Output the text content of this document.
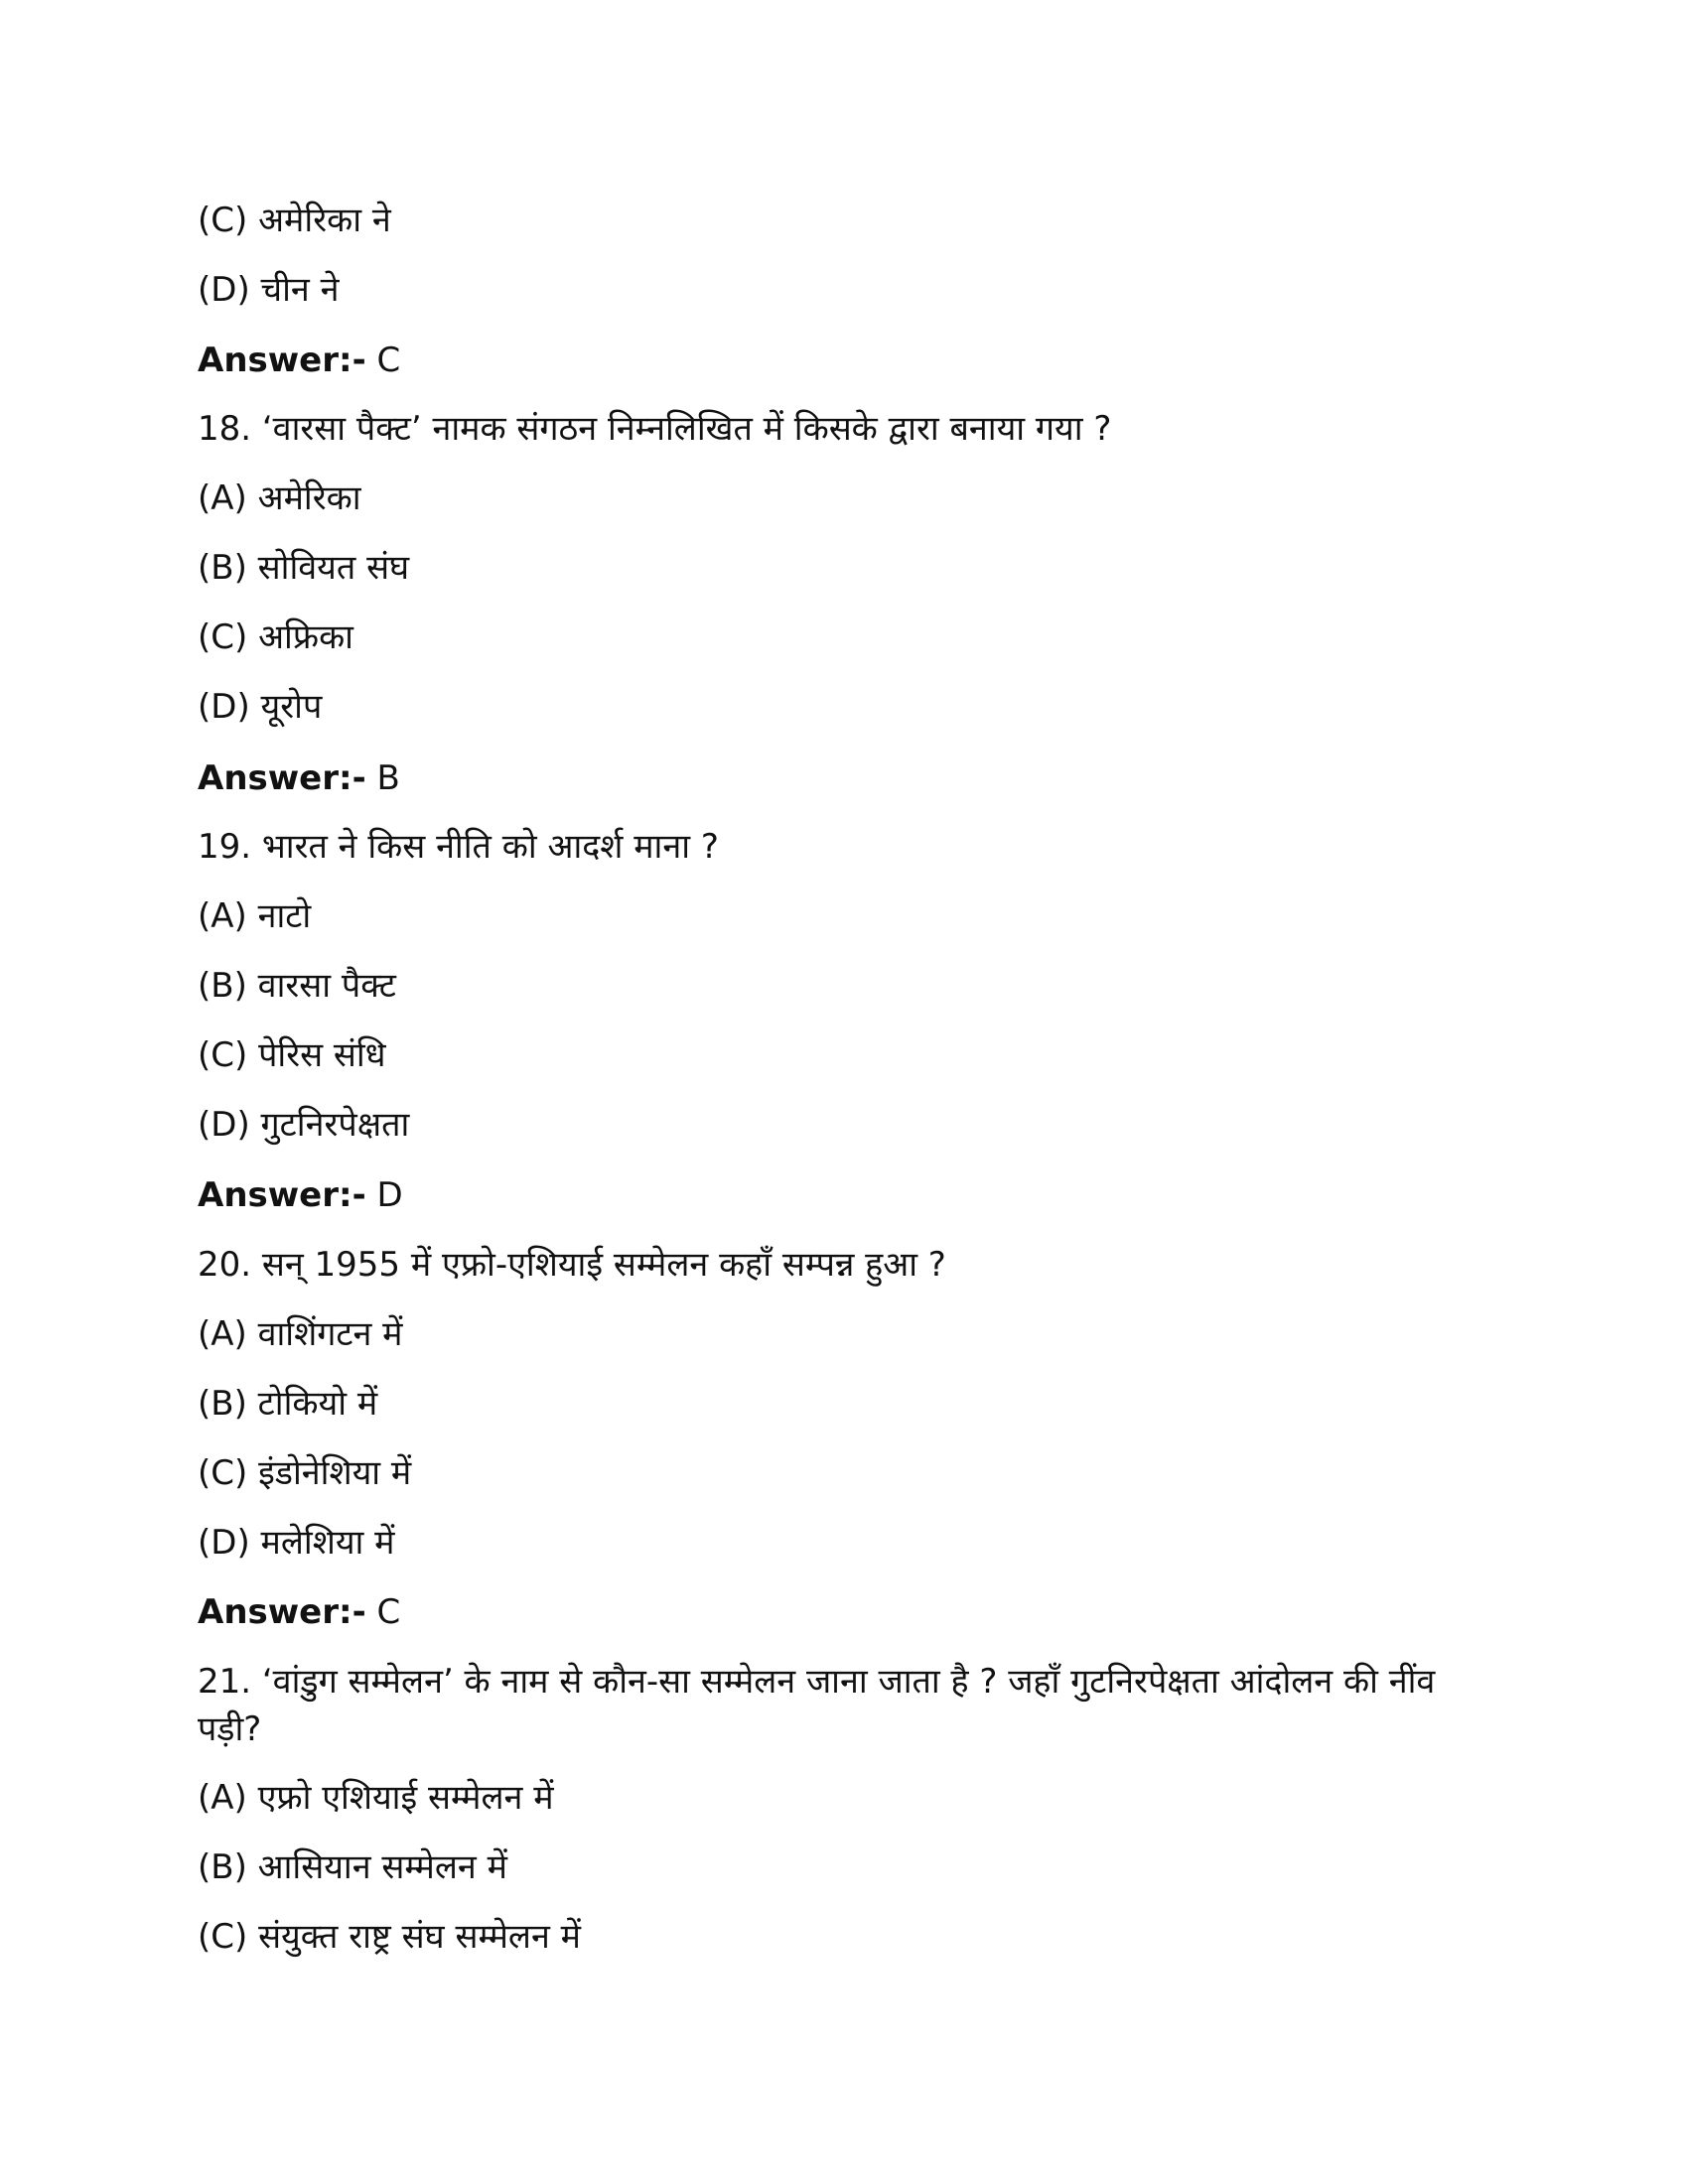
(C) अमेरिका ने

(D) चीन ने

Answer:- C

18. ‘वारसा पैक्ट’ नामक संगठन निम्नलिखित में किसके द्वारा बनाया गया ?

(A) अमेरिका

(B) सोवियत संघ

(C) अफ्रिका

(D) यूरोप

Answer:- B

19. भारत ने किस नीति को आदर्श माना ?

(A) नाटो

(B) वारसा पैक्ट

(C) पेरिस संधि

(D) गुटनिरपेक्षता

Answer:- D

20. सन् 1955 में एफ्रो-एशियाई सम्मेलन कहाँ सम्पन्न हुआ ?

(A) वाशिंगटन में

(B) टोकियो में

(C) इंडोनेशिया में

(D) मलेशिया में

Answer:- C

21. ‘वांडुग सम्मेलन’ के नाम से कौन-सा सम्मेलन जाना जाता है ? जहाँ गुटनिरपेक्षता आंदोलन की नींव पड़ी?

(A) एफ्रो एशियाई सम्मेलन में

(B) आसियान सम्मेलन में

(C) संयुक्त राष्ट्र संघ सम्मेलन में
